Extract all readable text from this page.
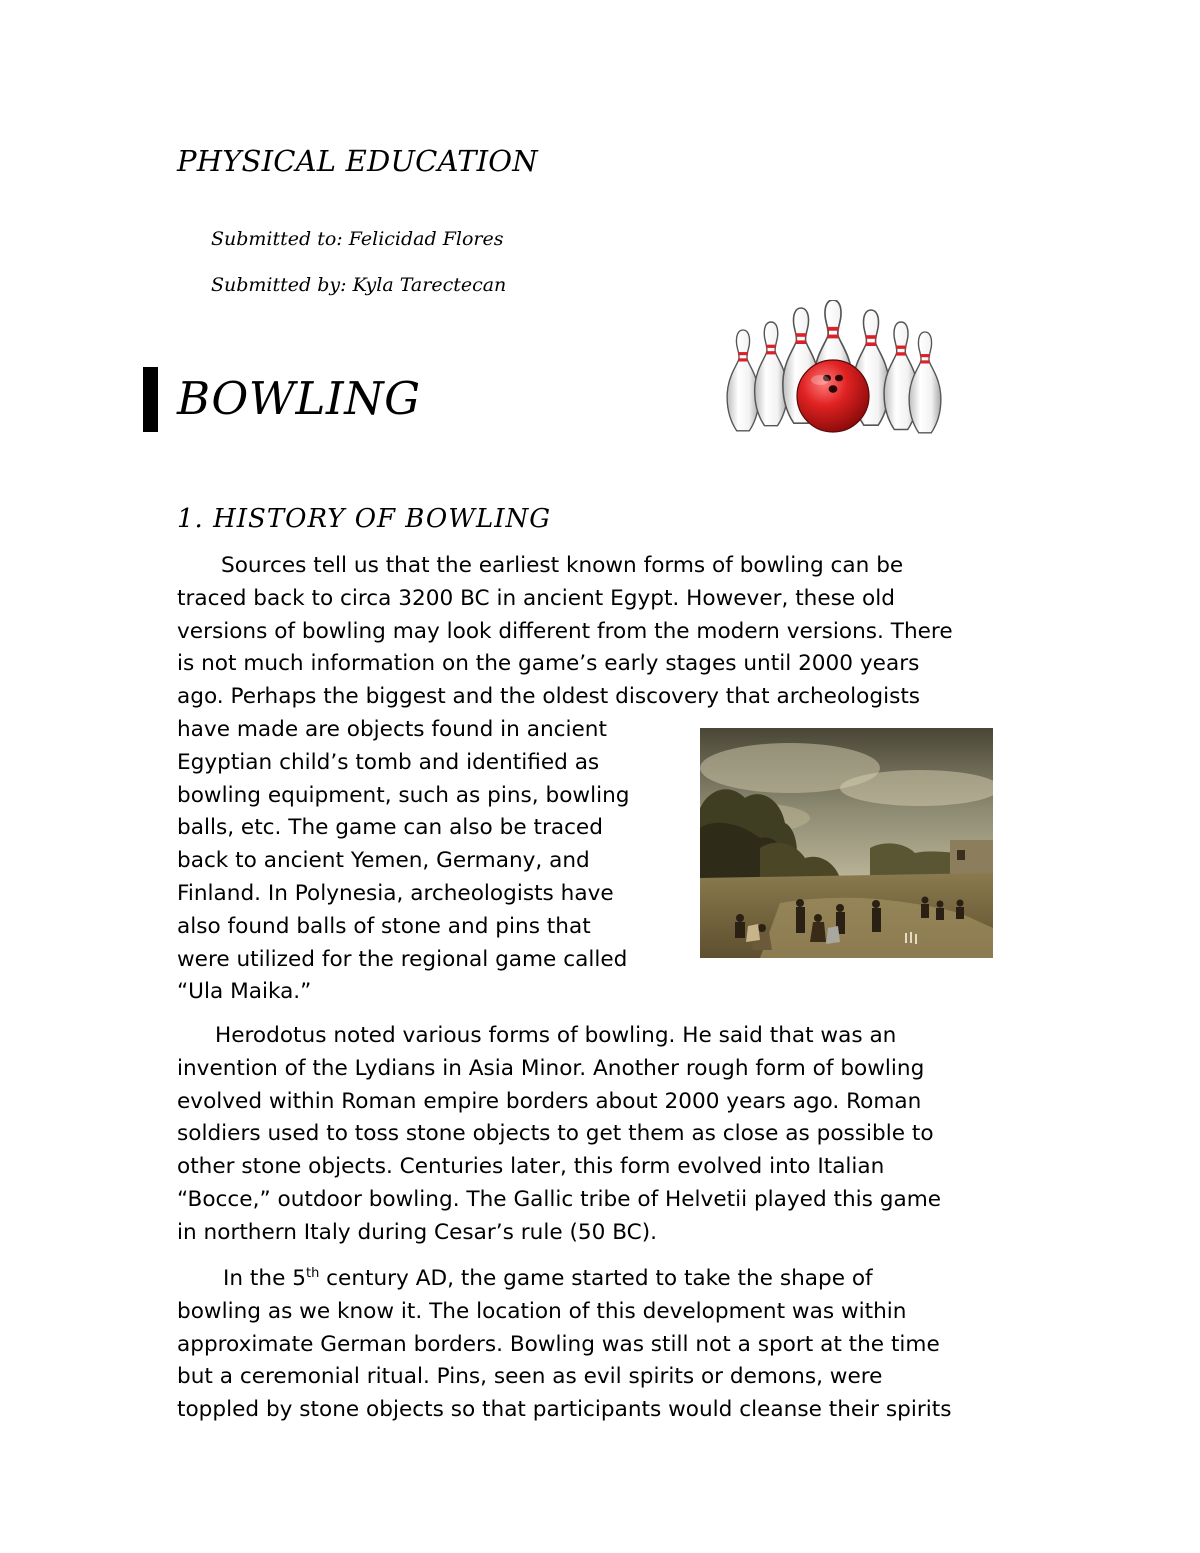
PHYSICAL EDUCATION
Submitted to: Felicidad Flores
Submitted by: Kyla Tarectecan
BOWLING
1. HISTORY OF BOWLING

Sources tell us that the earliest known forms of bowling can be
traced back to circa 3200 BC in ancient Egypt. However, these old
versions of bowling may look different from the modern versions. There
is not much information on the game’s early stages until 2000 years
ago. Perhaps the biggest and the oldest discovery that archeologists
have made are objects found in ancient
Egyptian child’s tomb and identified as
bowling equipment, such as pins, bowling
balls, etc. The game can also be traced
back to ancient Yemen, Germany, and
Finland. In Polynesia, archeologists have
also found balls of stone and pins that
were utilized for the regional game called
“Ula Maika.”

Herodotus noted various forms of bowling. He said that was an
invention of the Lydians in Asia Minor. Another rough form of bowling
evolved within Roman empire borders about 2000 years ago. Roman
soldiers used to toss stone objects to get them as close as possible to
other stone objects. Centuries later, this form evolved into Italian
“Bocce,” outdoor bowling. The Gallic tribe of Helvetii played this game
in northern Italy during Cesar’s rule (50 BC).

In the 5th century AD, the game started to take the shape of
bowling as we know it. The location of this development was within
approximate German borders. Bowling was still not a sport at the time
but a ceremonial ritual. Pins, seen as evil spirits or demons, were
toppled by stone objects so that participants would cleanse their spirits
